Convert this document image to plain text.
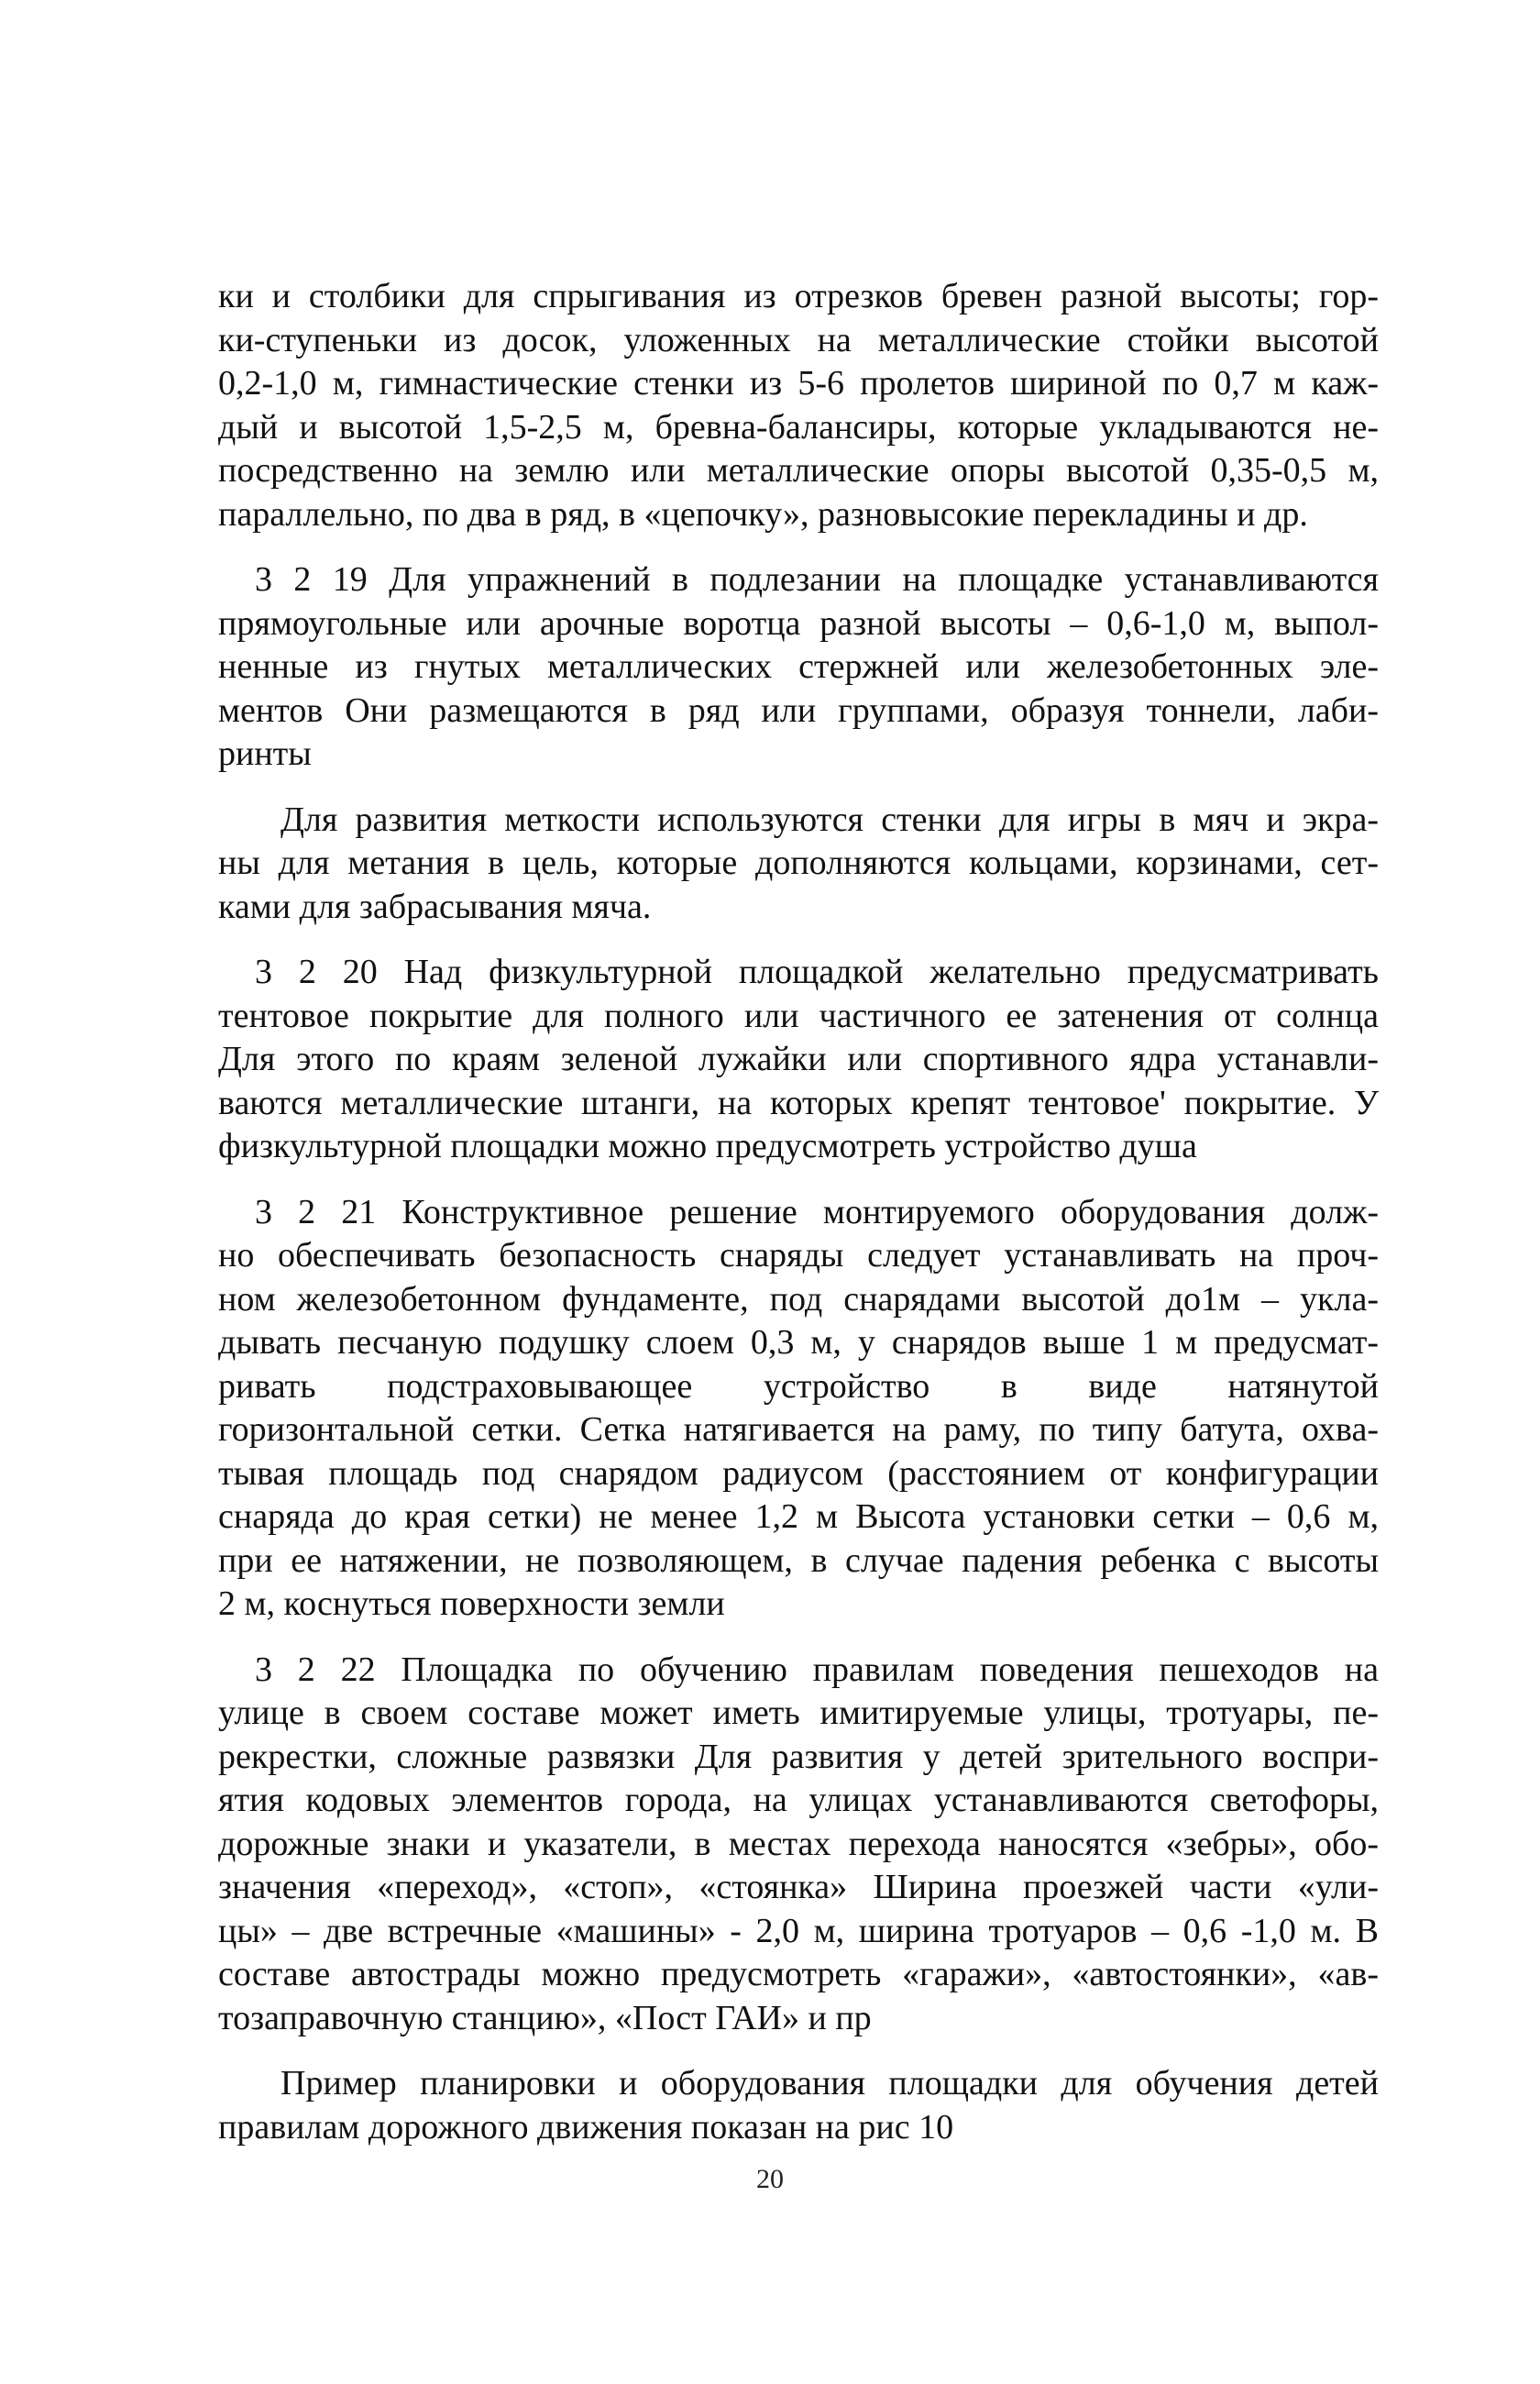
ки и столбики для спрыгивания из отрезков бревен разной высоты; гор-
ки-ступеньки из досок, уложенных на металлические стойки высотой
0,2-1,0 м, гимнастические стенки из 5-6 пролетов шириной по 0,7 м каж-
дый и высотой 1,5-2,5 м, бревна-балансиры, которые укладываются не-
посредственно на землю или металлические опоры высотой 0,35-0,5 м,
параллельно, по два в ряд, в «цепочку», разновысокие перекладины и др.

3 2 19 Для упражнений в подлезании на площадке устанавливаются
прямоугольные или арочные воротца разной высоты – 0,6-1,0 м, выпол-
ненные из гнутых металлических стержней или железобетонных эле-
ментов Они размещаются в ряд или группами, образуя тоннели, лаби-
ринты

Для развития меткости используются стенки для игры в мяч и экра-
ны для метания в цель, которые дополняются кольцами, корзинами, сет-
ками для забрасывания мяча.

3 2 20 Над физкультурной площадкой желательно предусматривать
тентовое покрытие для полного или частичного ее затенения от солнца
Для этого по краям зеленой лужайки или спортивного ядра устанавли-
ваются металлические штанги, на которых крепят тентовое' покрытие. У
физкультурной площадки можно предусмотреть устройство душа

3 2 21 Конструктивное решение монтируемого оборудования долж-
но обеспечивать безопасность снаряды следует устанавливать на проч-
ном железобетонном фундаменте, под снарядами высотой до1м – укла-
дывать песчаную подушку слоем 0,3 м, у снарядов выше 1 м предусмат-
ривать подстраховывающее устройство в виде натянутой
горизонтальной сетки. Сетка натягивается на раму, по типу батута, охва-
тывая площадь под снарядом радиусом (расстоянием от конфигурации
снаряда до края сетки) не менее 1,2 м Высота установки сетки – 0,6 м,
при ее натяжении, не позволяющем, в случае падения ребенка с высоты
2 м, коснуться поверхности земли

3 2 22 Площадка по обучению правилам поведения пешеходов на
улице в своем составе может иметь имитируемые улицы, тротуары, пе-
рекрестки, сложные развязки Для развития у детей зрительного воспри-
ятия кодовых элементов города, на улицах устанавливаются светофоры,
дорожные знаки и указатели, в местах перехода наносятся «зебры», обо-
значения «переход», «стоп», «стоянка» Ширина проезжей части «ули-
цы» – две встречные «машины» - 2,0 м, ширина тротуаров – 0,6 -1,0 м. В
составе автострады можно предусмотреть «гаражи», «автостоянки», «ав-
тозаправочную станцию», «Пост ГАИ» и пр

Пример планировки и оборудования площадки для обучения детей
правилам дорожного движения показан на рис 10

20
